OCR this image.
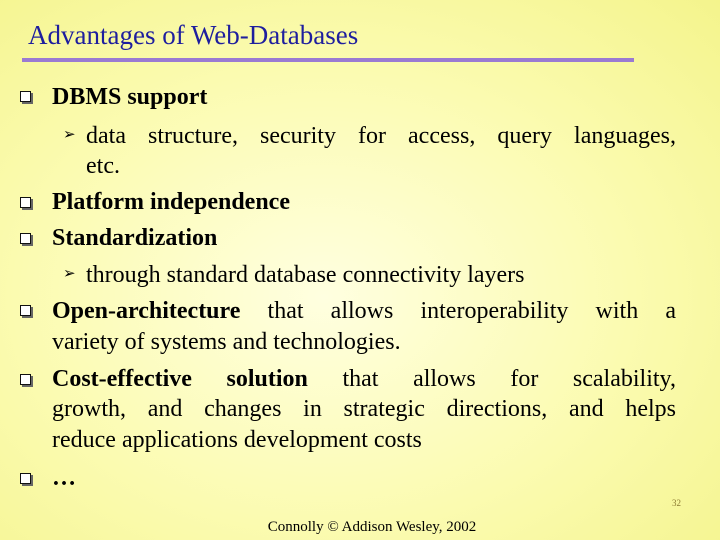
Advantages of Web-Databases
DBMS support
➢ data structure, security for access, query languages,
etc.
Platform independence
Standardization
➢ through standard database connectivity layers
Open-architecture that allows interoperability with a
variety of systems and technologies.
Cost-effective solution that allows for scalability,
growth, and changes in strategic directions, and helps
reduce applications development costs
…
32
Connolly © Addison Wesley, 2002
